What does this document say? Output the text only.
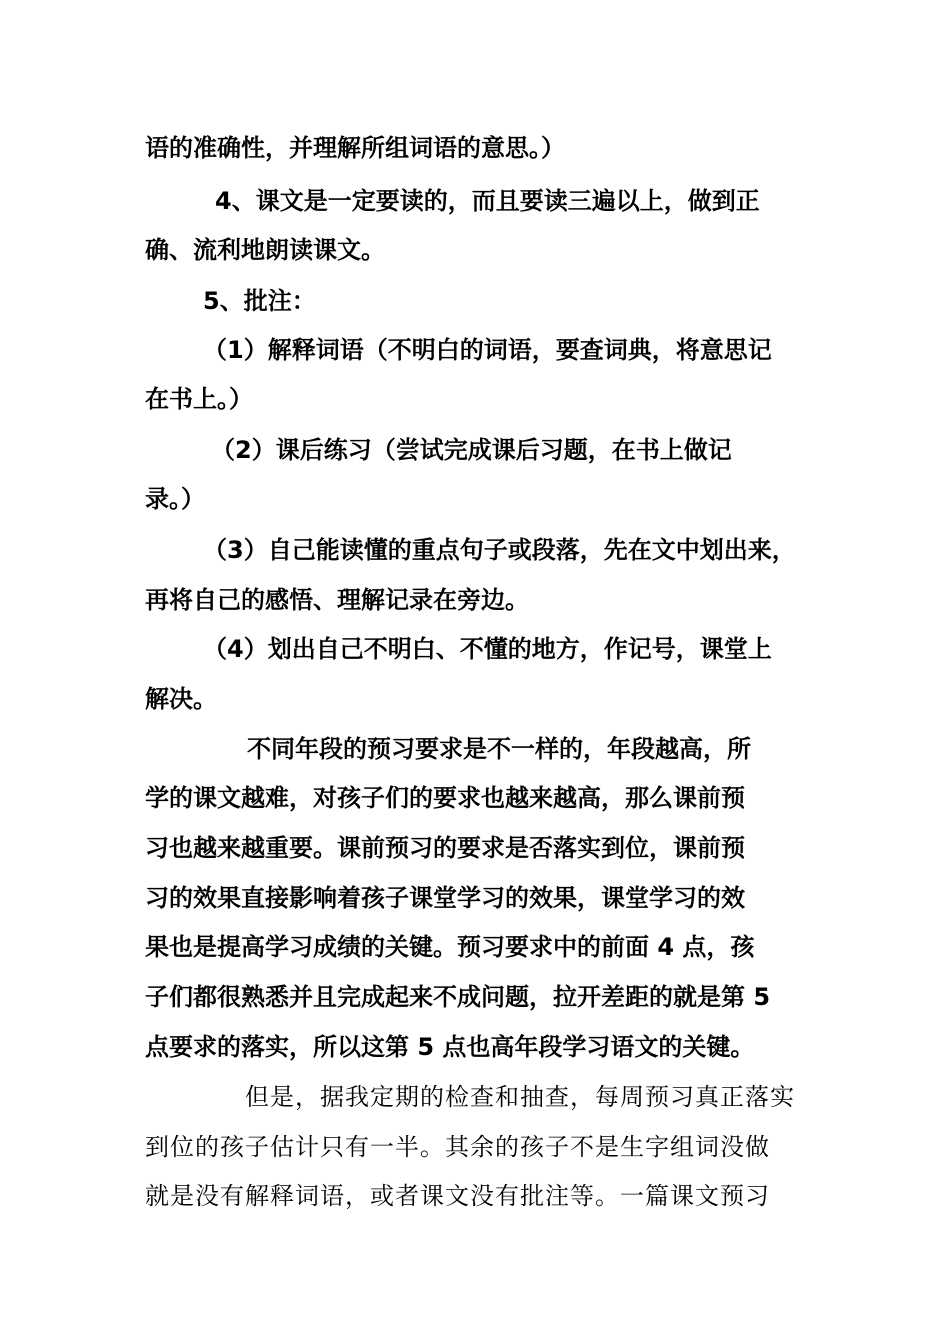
语的准确性，并理解所组词语的意思。）
4、课文是一定要读的，而且要读三遍以上，做到正
确、流利地朗读课文。
5、批注：
（1）解释词语（不明白的词语，要查词典，将意思记
在书上。）
（2）课后练习（尝试完成课后习题，在书上做记
录。）
（3）自己能读懂的重点句子或段落，先在文中划出来，
再将自己的感悟、理解记录在旁边。
（4）划出自己不明白、不懂的地方，作记号，课堂上
解决。
不同年段的预习要求是不一样的，年段越高，所
学的课文越难，对孩子们的要求也越来越高，那么课前预
习也越来越重要。课前预习的要求是否落实到位，课前预
习的效果直接影响着孩子课堂学习的效果，课堂学习的效
果也是提高学习成绩的关键。预习要求中的前面 4 点，孩
子们都很熟悉并且完成起来不成问题，拉开差距的就是第 5
点要求的落实，所以这第 5 点也高年段学习语文的关键。
但是，据我定期的检查和抽查，每周预习真正落实
到位的孩子估计只有一半。其余的孩子不是生字组词没做
就是没有解释词语，或者课文没有批注等。一篇课文预习
